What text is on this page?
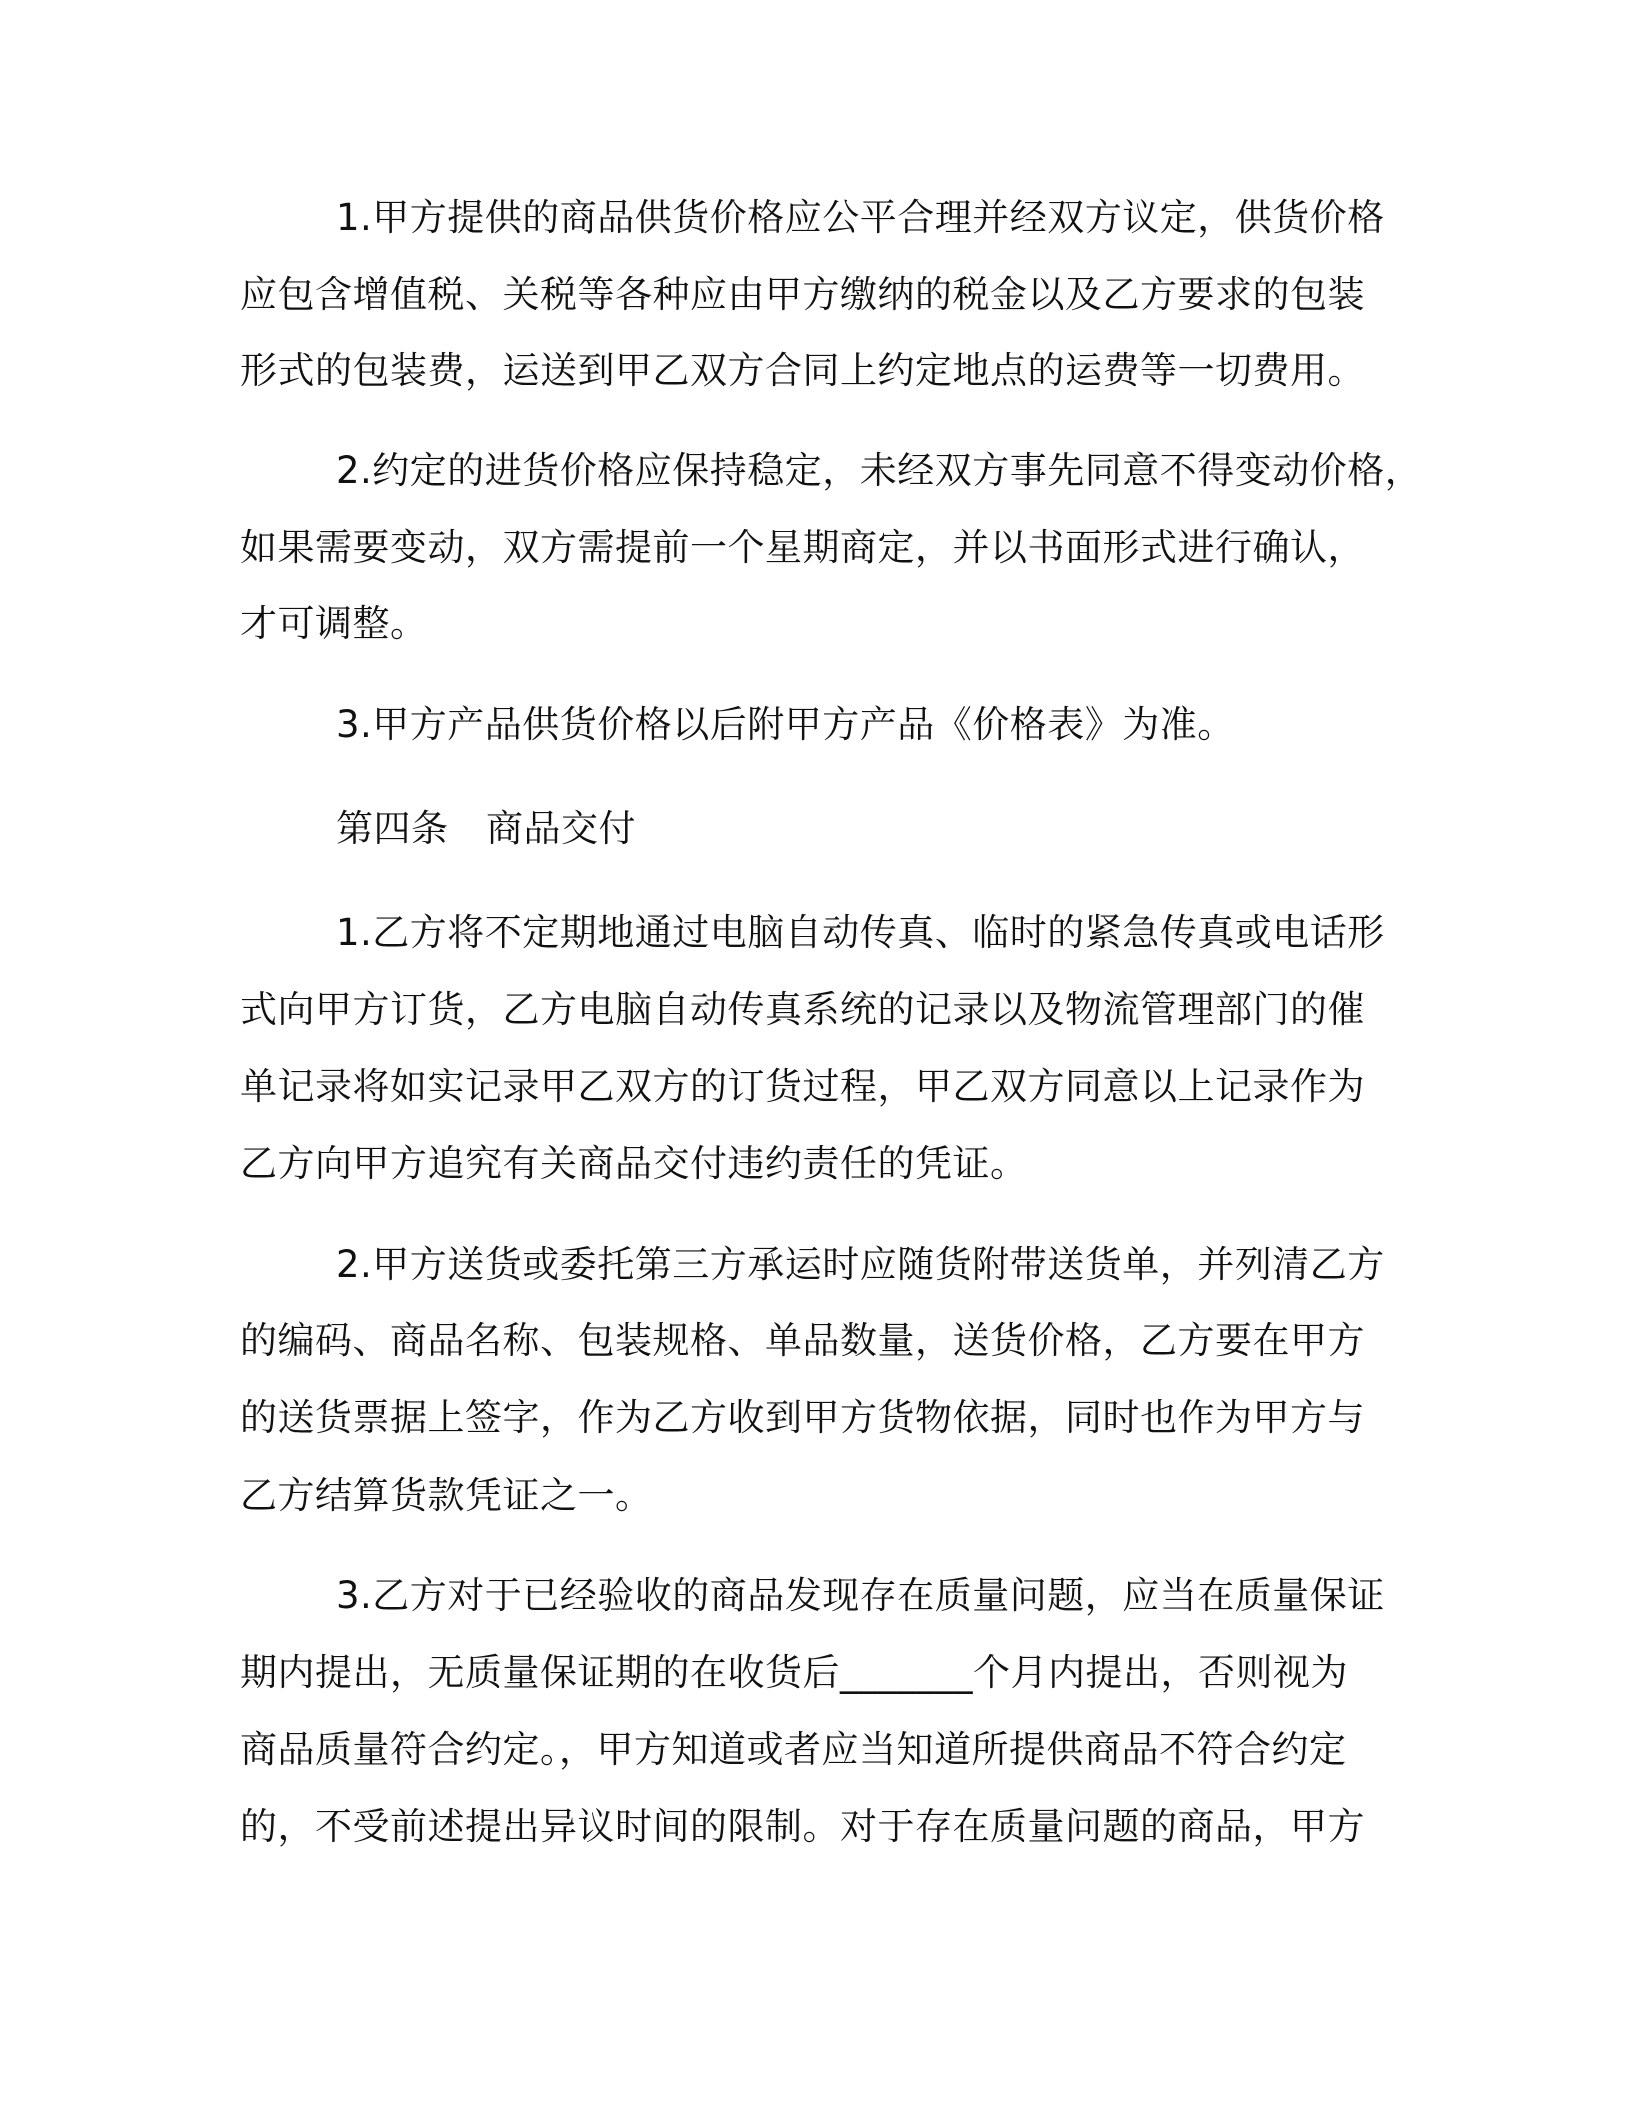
1.甲方提供的商品供货价格应公平合理并经双方议定，供货价格
应包含增值税、关税等各种应由甲方缴纳的税金以及乙方要求的包装
形式的包装费，运送到甲乙双方合同上约定地点的运费等一切费用。
2.约定的进货价格应保持稳定，未经双方事先同意不得变动价格，
如果需要变动，双方需提前一个星期商定，并以书面形式进行确认，
才可调整。
3.甲方产品供货价格以后附甲方产品《价格表》为准。
第四条　商品交付
1.乙方将不定期地通过电脑自动传真、临时的紧急传真或电话形
式向甲方订货，乙方电脑自动传真系统的记录以及物流管理部门的催
单记录将如实记录甲乙双方的订货过程，甲乙双方同意以上记录作为
乙方向甲方追究有关商品交付违约责任的凭证。
2.甲方送货或委托第三方承运时应随货附带送货单，并列清乙方
的编码、商品名称、包装规格、单品数量，送货价格，乙方要在甲方
的送货票据上签字，作为乙方收到甲方货物依据，同时也作为甲方与
乙方结算货款凭证之一。
3.乙方对于已经验收的商品发现存在质量问题，应当在质量保证
期内提出，无质量保证期的在收货后_______个月内提出，否则视为
商品质量符合约定。，甲方知道或者应当知道所提供商品不符合约定
的，不受前述提出异议时间的限制。对于存在质量问题的商品，甲方
